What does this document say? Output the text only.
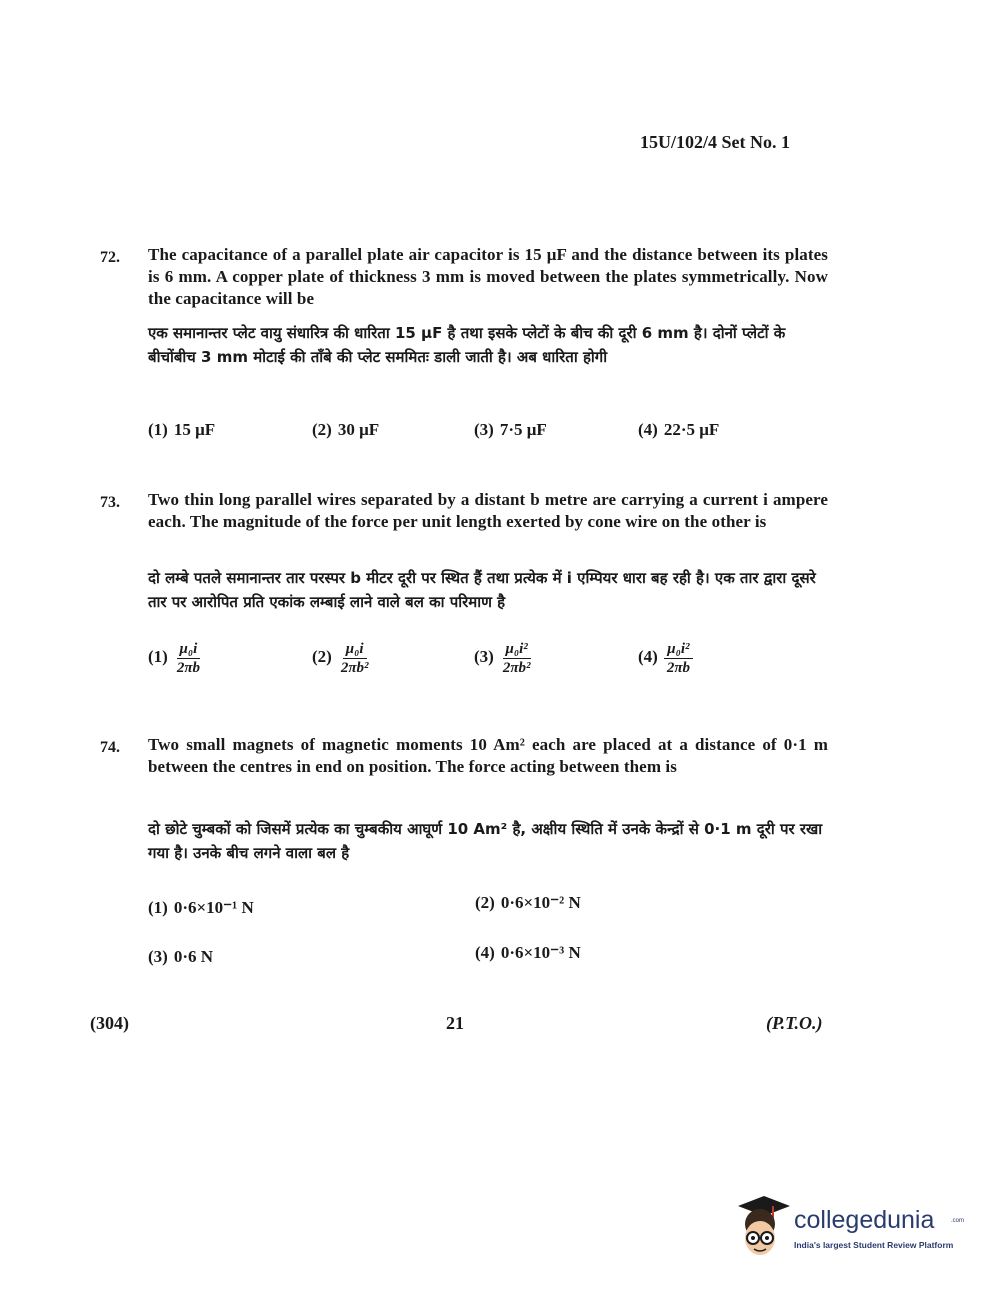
15U/102/4 Set No. 1
72. The capacitance of a parallel plate air capacitor is 15 μF and the distance between its plates is 6 mm. A copper plate of thickness 3 mm is moved between the plates symmetrically. Now the capacitance will be
एक समानान्तर प्लेट वायु संधारित्र की धारिता 15 μF है तथा इसके प्लेटों के बीच की दूरी 6 mm है। दोनों प्लेटों के बीचोंबीच 3 mm मोटाई की ताँबे की प्लेट सममितः डाली जाती है। अब धारिता होगी
(1) 15 μF	(2) 30 μF	(3) 7·5 μF	(4) 22·5 μF
73. Two thin long parallel wires separated by a distant b metre are carrying a current i ampere each. The magnitude of the force per unit length exerted by cone wire on the other is
दो लम्बे पतले समानान्तर तार परस्पर b मीटर दूरी पर स्थित हैं तथा प्रत्येक में i एम्पियर धारा बह रही है। एक तार द्वारा दूसरे तार पर आरोपित प्रति एकांक लम्बाई लाने वाले बल का परिमाण है
$(1) \frac{\text{μ₀i}}{2\pi b}$	$(2) \frac{\text{μ₀i}}{\text{2πb²}}$	$(3) \frac{\text{μ₀i²}}{\text{2πb²}}$	$(4) \frac{\text{μ₀i²}}{2\pi b}$
74. Two small magnets of magnetic moments 10 Am² each are placed at a distance of 0·1 m between the centres in end on position. The force acting between them is
दो छोटे चुम्बकों को जिसमें प्रत्येक का चुम्बकीय आघूर्ण 10 Am² है, अक्षीय स्थिति में उनके केन्द्रों से 0·1 m दूरी पर रखा गया है। उनके बीच लगने वाला बल है
(1) 0·6×10⁻¹ N	(2) 0·6×10⁻² N
(3) 0·6 N	(4) 0·6×10⁻³ N
(304)	21	(P.T.O.)
collegedunia	.com
India's largest Student Review Platform
